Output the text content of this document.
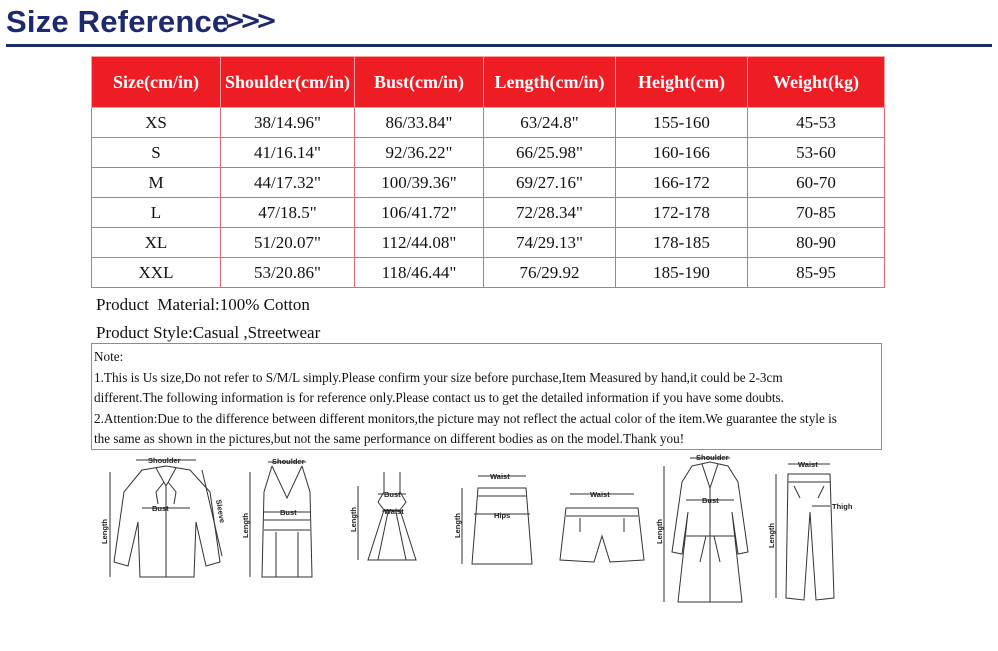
Size Reference
>>>
Size(cm/in)	Shoulder(cm/in)	Bust(cm/in)	Length(cm/in)	Height(cm)	Weight(kg)
XS	38/14.96"	86/33.84"	63/24.8"	155-160	45-53
S	41/16.14"	92/36.22"	66/25.98"	160-166	53-60
M	44/17.32"	100/39.36"	69/27.16"	166-172	60-70
L	47/18.5"	106/41.72"	72/28.34"	172-178	70-85
XL	51/20.07"	112/44.08"	74/29.13"	178-185	80-90
XXL	53/20.86"	118/46.44"	76/29.92	185-190	85-95
Product  Material:100% Cotton
Product Style:Casual ,Streetwear
Note:
1.This is Us size,Do not refer to S/M/L simply.Please confirm your size before purchase,Item Measured by hand,it could be 2-3cm
different.The following information is for reference only.Please contact us to get the detailed information if you have some doubts.
2.Attention:Due to the difference between different monitors,the picture may not reflect the actual color of the item.We guarantee the style is
the same as shown in the pictures,but not the same performance on different bodies as on the model.Thank you!
Shoulder
Bust
Length
Sleeve
Shoulder
Bust
Length
Bust
Waist
Length
Waist
Hips
Length
Waist
Shoulder
Bust
Length
Waist
Thigh
Length
